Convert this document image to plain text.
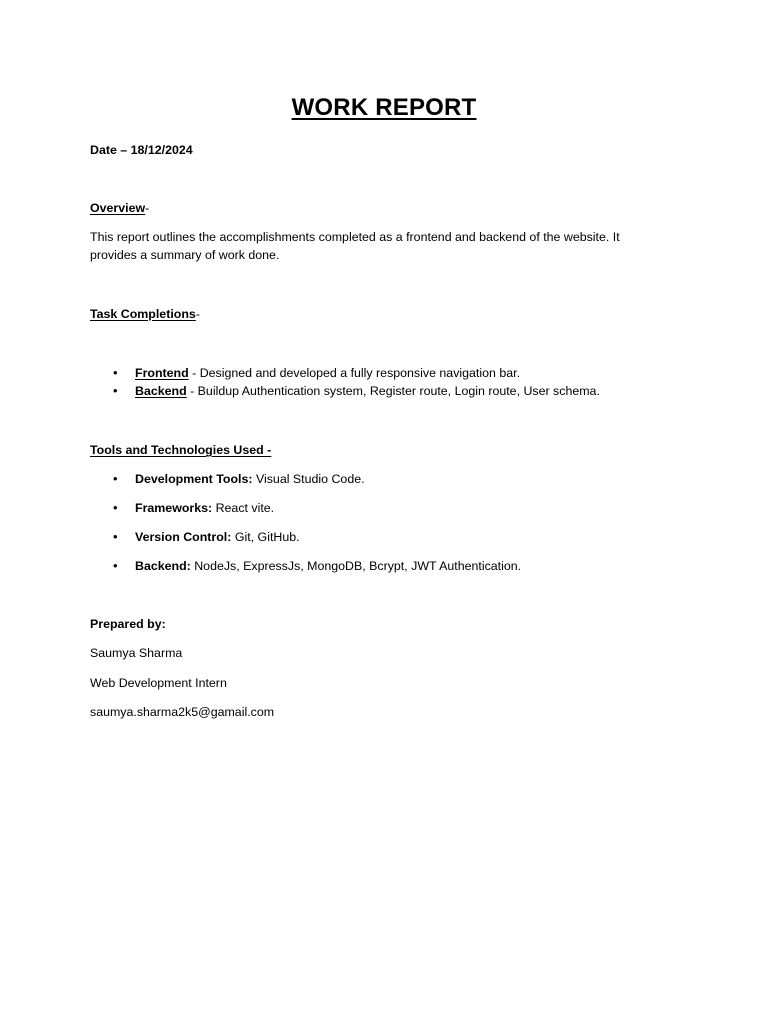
WORK REPORT
Date – 18/12/2024
Overview-
This report outlines the accomplishments completed as a frontend and backend of the website. It
provides a summary of work done.
Task Completions-
• Frontend - Designed and developed a fully responsive navigation bar.
• Backend - Buildup Authentication system, Register route, Login route, User schema.
Tools and Technologies Used -
• Development Tools: Visual Studio Code.
• Frameworks: React vite.
• Version Control: Git, GitHub.
• Backend: NodeJs, ExpressJs, MongoDB, Bcrypt, JWT Authentication.
Prepared by:
Saumya Sharma
Web Development Intern
saumya.sharma2k5@gamail.com
